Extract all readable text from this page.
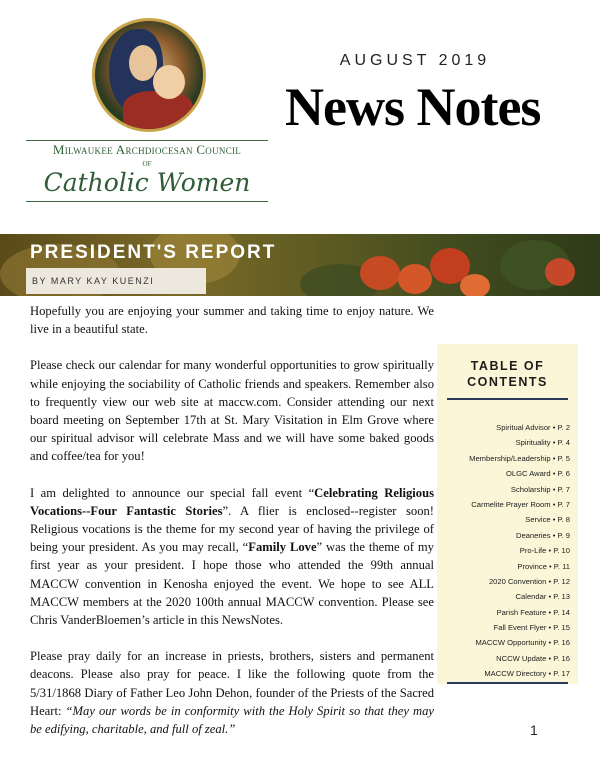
Milwaukee Archdiocesan Council
of
Catholic Women
AUGUST 2019
News Notes
PRESIDENT'S REPORT
BY MARY KAY KUENZI

Hopefully you are enjoying your summer and taking time to enjoy nature. We live in a beautiful state.

Please check our calendar for many wonderful opportunities to grow spiritually while enjoying the sociability of Catholic friends and speakers. Remember also to frequently view our web site at maccw.com. Consider attending our next board meeting on September 17th at St. Mary Visitation in Elm Grove where our spiritual advisor will celebrate Mass and we will have some baked goods and coffee/tea for you!

I am delighted to announce our special fall event “Celebrating Religious Vocations--Four Fantastic Stories”. A flier is enclosed--register soon! Religious vocations is the theme for my second year of having the privilege of being your president. As you may recall, “Family Love” was the theme of my first year as your president. I hope those who attended the 99th annual MACCW convention in Kenosha enjoyed the event. We hope to see ALL MACCW members at the 2020 100th annual MACCW convention. Please see Chris VanderBloemen’s article in this NewsNotes.

Please pray daily for an increase in priests, brothers, sisters and permanent deacons. Please also pray for peace. I like the following quote from the 5/31/1868 Diary of Father Leo John Dehon, founder of the Priests of the Sacred Heart: “May our words be in conformity with the Holy Spirit so that they may be edifying, charitable, and full of zeal.”

TABLE OF
CONTENTS
Spiritual Advisor • P. 2
Spirituality • P. 4
Membership/Leadership • P. 5
OLGC Award • P. 6
Scholarship • P. 7
Carmelite Prayer Room • P. 7
Service • P. 8
Deaneries • P. 9
Pro-Life • P. 10
Province • P. 11
2020 Convention • P. 12
Calendar • P. 13
Parish Feature • P. 14
Fall Event Flyer • P. 15
MACCW Opportunity • P. 16
NCCW Update • P. 16
MACCW Directory • P. 17
1
